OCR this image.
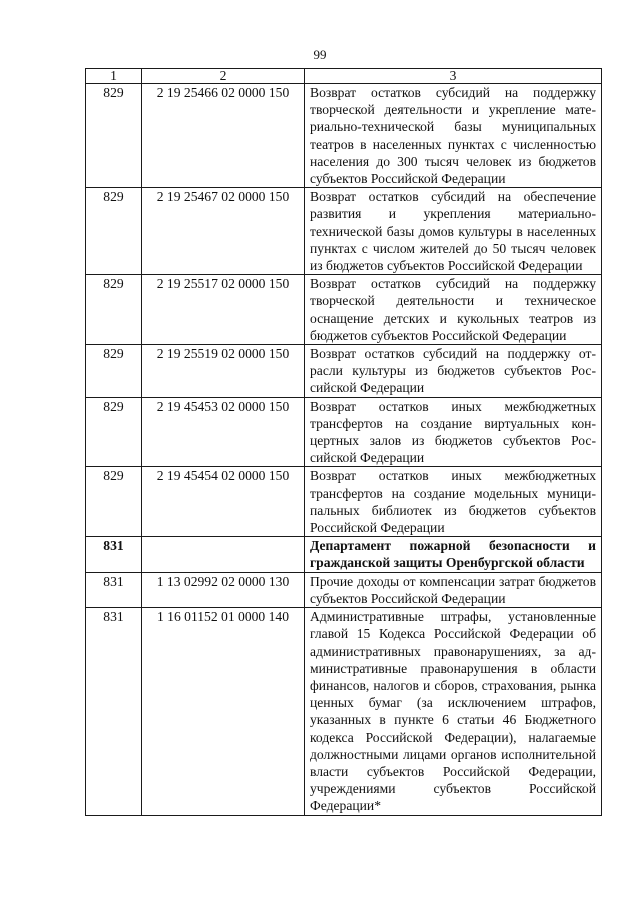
99
1	2	3
829	2 19 25466 02 0000 150	Возврат остатков субсидий на поддержку творческой деятельности и укрепление материально-технической базы муниципальных театров в населенных пунктах с численностью населения до 300 тысяч человек из бюджетов субъектов Российской Федерации
829	2 19 25467 02 0000 150	Возврат остатков субсидий на обеспечение развития и укрепления материально-технической базы домов культуры в населенных пунктах с числом жителей до 50 тысяч человек из бюджетов субъектов Российской Федерации
829	2 19 25517 02 0000 150	Возврат остатков субсидий на поддержку творческой деятельности и техническое оснащение детских и кукольных театров из бюджетов субъектов Российской Федерации
829	2 19 25519 02 0000 150	Возврат остатков субсидий на поддержку отрасли культуры из бюджетов субъектов Российской Федерации
829	2 19 45453 02 0000 150	Возврат остатков иных межбюджетных трансфертов на создание виртуальных концертных залов из бюджетов субъектов Российской Федерации
829	2 19 45454 02 0000 150	Возврат остатков иных межбюджетных трансфертов на создание модельных муниципальных библиотек из бюджетов субъектов Российской Федерации
831		Департамент пожарной безопасности и гражданской защиты Оренбургской области
831	1 13 02992 02 0000 130	Прочие доходы от компенсации затрат бюджетов субъектов Российской Федерации
831	1 16 01152 01 0000 140	Административные штрафы, установленные главой 15 Кодекса Российской Федерации об административных правонарушениях, за административные правонарушения в области финансов, налогов и сборов, страхования, рынка ценных бумаг (за исключением штрафов, указанных в пункте 6 статьи 46 Бюджетного кодекса Российской Федерации), налагаемые должностными лицами органов исполнительной власти субъектов Российской Федерации, учреждениями субъектов Российской Федерации*
